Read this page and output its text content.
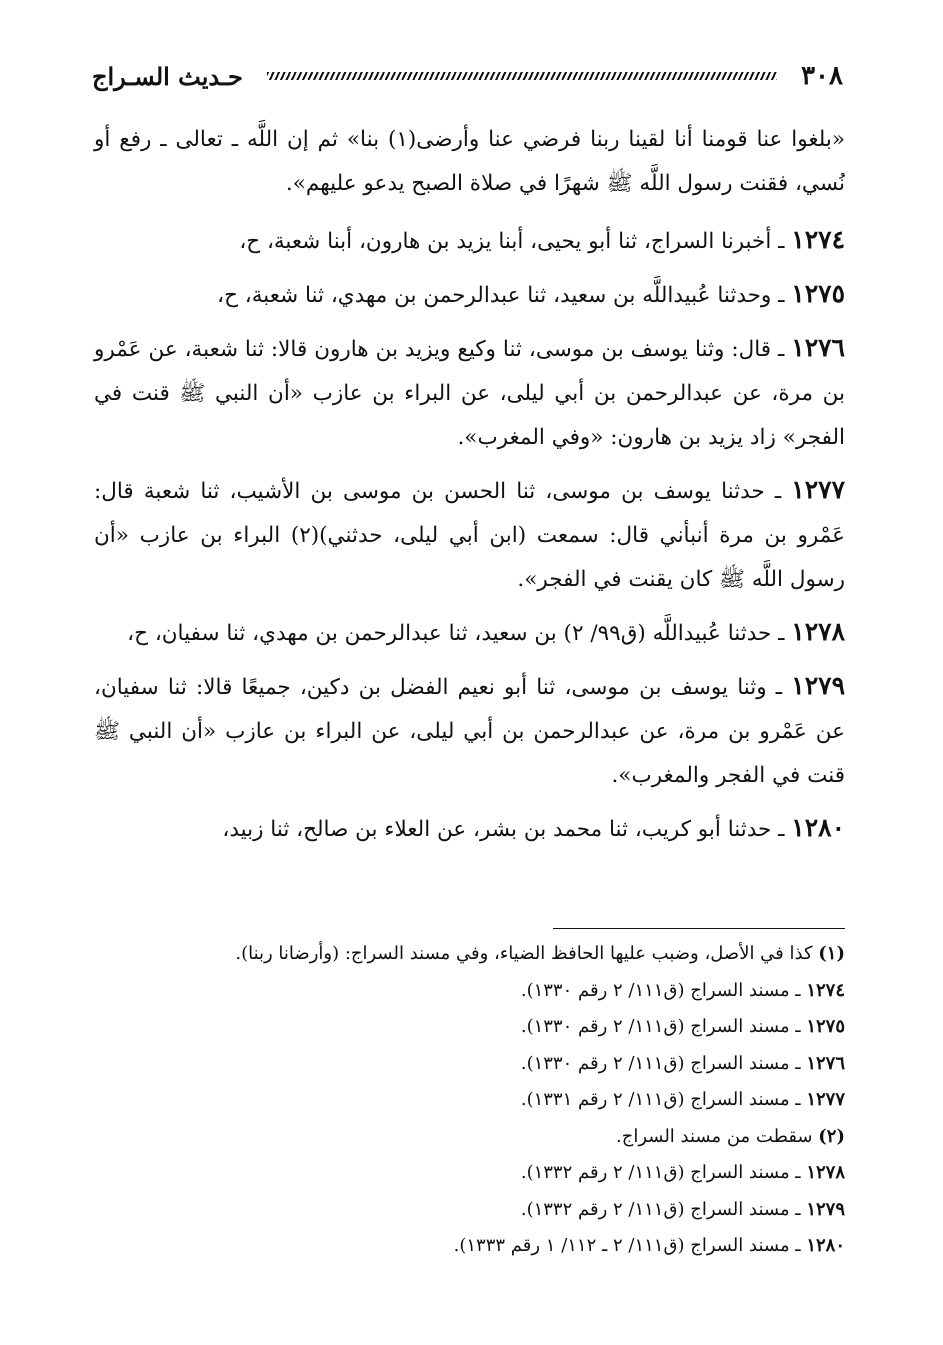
٣٠٨
حـديث السـراج

«بلغوا عنا قومنا أنا لقينا ربنا فرضي عنا وأرضى(١) بنا» ثم إن اللَّه ـ تعالى ـ رفع أو نُسي، فقنت رسول اللَّه ﷺ شهرًا في صلاة الصبح يدعو عليهم».

١٢٧٤ ـ أخبرنا السراج، ثنا أبو يحيى، أبنا يزيد بن هارون، أبنا شعبة، ح،

١٢٧٥ ـ وحدثنا عُبيداللَّه بن سعيد، ثنا عبدالرحمن بن مهدي، ثنا شعبة، ح،

١٢٧٦ ـ قال: وثنا يوسف بن موسى، ثنا وكيع ويزيد بن هارون قالا: ثنا شعبة، عن عَمْرو بن مرة، عن عبدالرحمن بن أبي ليلى، عن البراء بن عازب «أن النبي ﷺ قنت في الفجر» زاد يزيد بن هارون: «وفي المغرب».

١٢٧٧ ـ حدثنا يوسف بن موسى، ثنا الحسن بن موسى بن الأشيب، ثنا شعبة قال: عَمْرو بن مرة أنبأني قال: سمعت (ابن أبي ليلى، حدثني)(٢) البراء بن عازب «أن رسول اللَّه ﷺ كان يقنت في الفجر».

١٢٧٨ ـ حدثنا عُبيداللَّه (ق٩٩/ ٢) بن سعيد، ثنا عبدالرحمن بن مهدي، ثنا سفيان، ح،

١٢٧٩ ـ وثنا يوسف بن موسى، ثنا أبو نعيم الفضل بن دكين، جميعًا قالا: ثنا سفيان، عن عَمْرو بن مرة، عن عبدالرحمن بن أبي ليلى، عن البراء بن عازب «أن النبي ﷺ قنت في الفجر والمغرب».

١٢٨٠ ـ حدثنا أبو كريب، ثنا محمد بن بشر، عن العلاء بن صالح، ثنا زبيد،

(١) كذا في الأصل، وضبب عليها الحافظ الضياء، وفي مسند السراج: (وأرضانا ربنا).
١٢٧٤ ـ مسند السراج (ق١١١/ ٢ رقم ١٣٣٠).
١٢٧٥ ـ مسند السراج (ق١١١/ ٢ رقم ١٣٣٠).
١٢٧٦ ـ مسند السراج (ق١١١/ ٢ رقم ١٣٣٠).
١٢٧٧ ـ مسند السراج (ق١١١/ ٢ رقم ١٣٣١).
(٢) سقطت من مسند السراج.
١٢٧٨ ـ مسند السراج (ق١١١/ ٢ رقم ١٣٣٢).
١٢٧٩ ـ مسند السراج (ق١١١/ ٢ رقم ١٣٣٢).
١٢٨٠ ـ مسند السراج (ق١١١/ ٢ ـ ١١٢/ ١ رقم ١٣٣٣).
